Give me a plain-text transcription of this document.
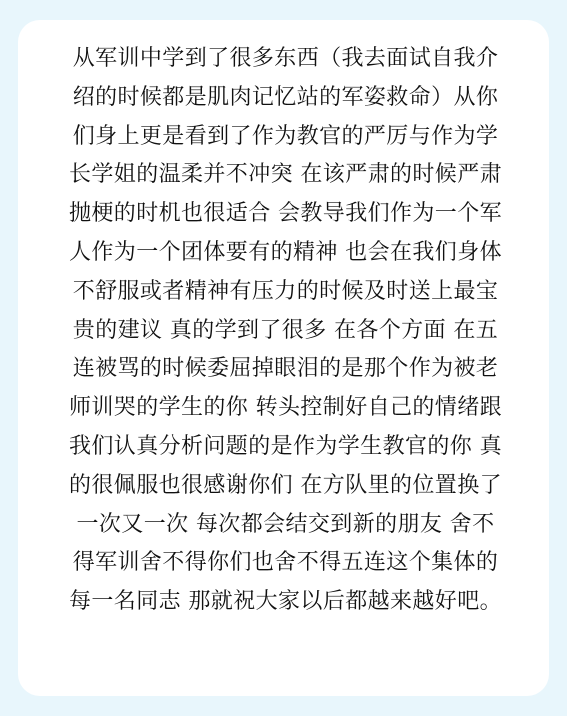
从军训中学到了很多东西（我去面试自我介
绍的时候都是肌肉记忆站的军姿救命）从你
们身上更是看到了作为教官的严厉与作为学
长学姐的温柔并不冲突 在该严肃的时候严肃
抛梗的时机也很适合 会教导我们作为一个军
人作为一个团体要有的精神 也会在我们身体
不舒服或者精神有压力的时候及时送上最宝
贵的建议 真的学到了很多 在各个方面 在五
连被骂的时候委屈掉眼泪的是那个作为被老
师训哭的学生的你 转头控制好自己的情绪跟
我们认真分析问题的是作为学生教官的你 真
的很佩服也很感谢你们 在方队里的位置换了
一次又一次 每次都会结交到新的朋友 舍不
得军训舍不得你们也舍不得五连这个集体的
每一名同志 那就祝大家以后都越来越好吧。
